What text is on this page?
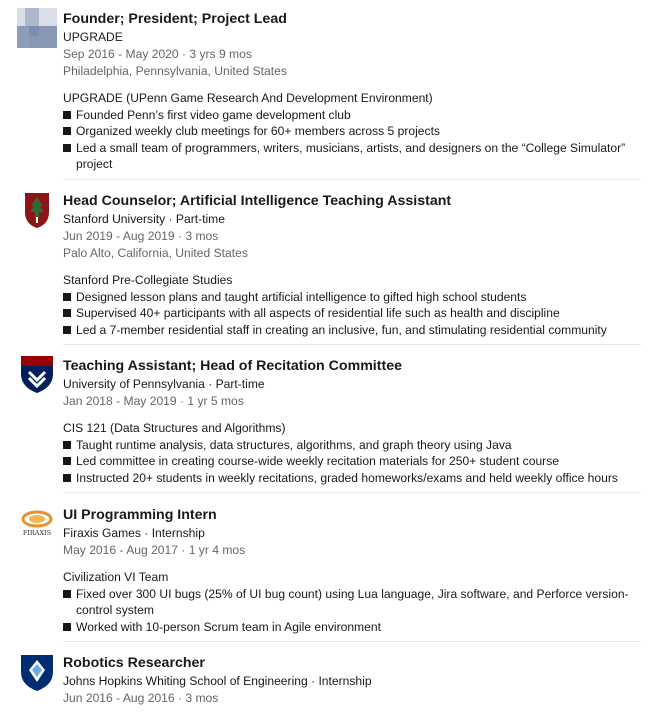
Founder; President; Project Lead
UPGRADE
Sep 2016 - May 2020 · 3 yrs 9 mos
Philadelphia, Pennsylvania, United States
UPGRADE (UPenn Game Research And Development Environment)
Founded Penn’s first video game development club
Organized weekly club meetings for 60+ members across 5 projects
Led a small team of programmers, writers, musicians, artists, and designers on the “College Simulator” project
Head Counselor; Artificial Intelligence Teaching Assistant
Stanford University · Part-time
Jun 2019 - Aug 2019 · 3 mos
Palo Alto, California, United States
Stanford Pre-Collegiate Studies
Designed lesson plans and taught artificial intelligence to gifted high school students
Supervised 40+ participants with all aspects of residential life such as health and discipline
Led a 7-member residential staff in creating an inclusive, fun, and stimulating residential community
Teaching Assistant; Head of Recitation Committee
University of Pennsylvania · Part-time
Jan 2018 - May 2019 · 1 yr 5 mos
CIS 121 (Data Structures and Algorithms)
Taught runtime analysis, data structures, algorithms, and graph theory using Java
Led committee in creating course-wide weekly recitation materials for 250+ student course
Instructed 20+ students in weekly recitations, graded homeworks/exams and held weekly office hours
FIRAXIS
UI Programming Intern
Firaxis Games · Internship
May 2016 - Aug 2017 · 1 yr 4 mos
Civilization VI Team
Fixed over 300 UI bugs (25% of UI bug count) using Lua language, Jira software, and Perforce version-control system
Worked with 10-person Scrum team in Agile environment
Robotics Researcher
Johns Hopkins Whiting School of Engineering · Internship
Jun 2016 - Aug 2016 · 3 mos
